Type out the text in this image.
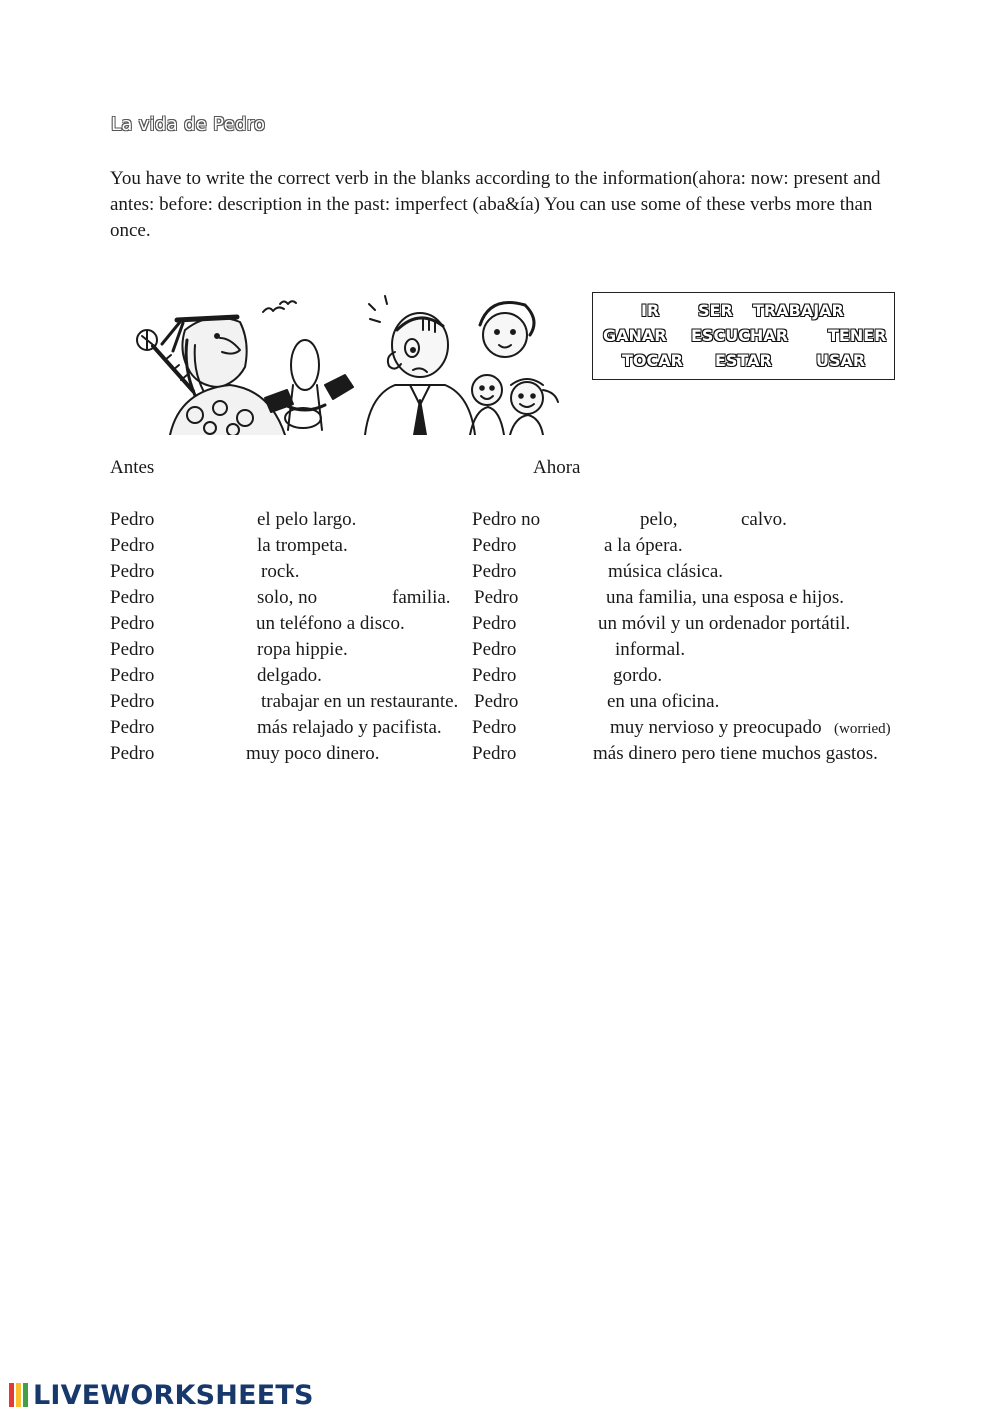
La vida de Pedro
You have to write the correct verb in the blanks according to the information(ahora: now: present and antes: before: description in the past: imperfect (aba&ía) You can use some of these verbs more than once.
IR SER TRABAJAR
GANAR ESCUCHAR TENER
TOCAR ESTAR	USAR
Antes	Ahora
Pedro	el pelo largo.	Pedro no	pelo,	calvo.
Pedro	la trompeta.	Pedro	a la ópera.
Pedro	rock.	Pedro	música clásica.
Pedro	solo, no	familia. Pedro	una familia, una esposa e hijos.
Pedro	un teléfono a disco.	Pedro	un móvil y un ordenador portátil.
Pedro	ropa hippie.	Pedro	informal.
Pedro	delgado.	Pedro	gordo.
Pedro	trabajar en un restaurante. Pedro	en una oficina.
Pedro	más relajado y pacifista. Pedro	muy nervioso y preocupado (worried)
Pedro	muy poco dinero.	Pedro	más dinero pero tiene muchos gastos.
LIVEWORKSHEETS
